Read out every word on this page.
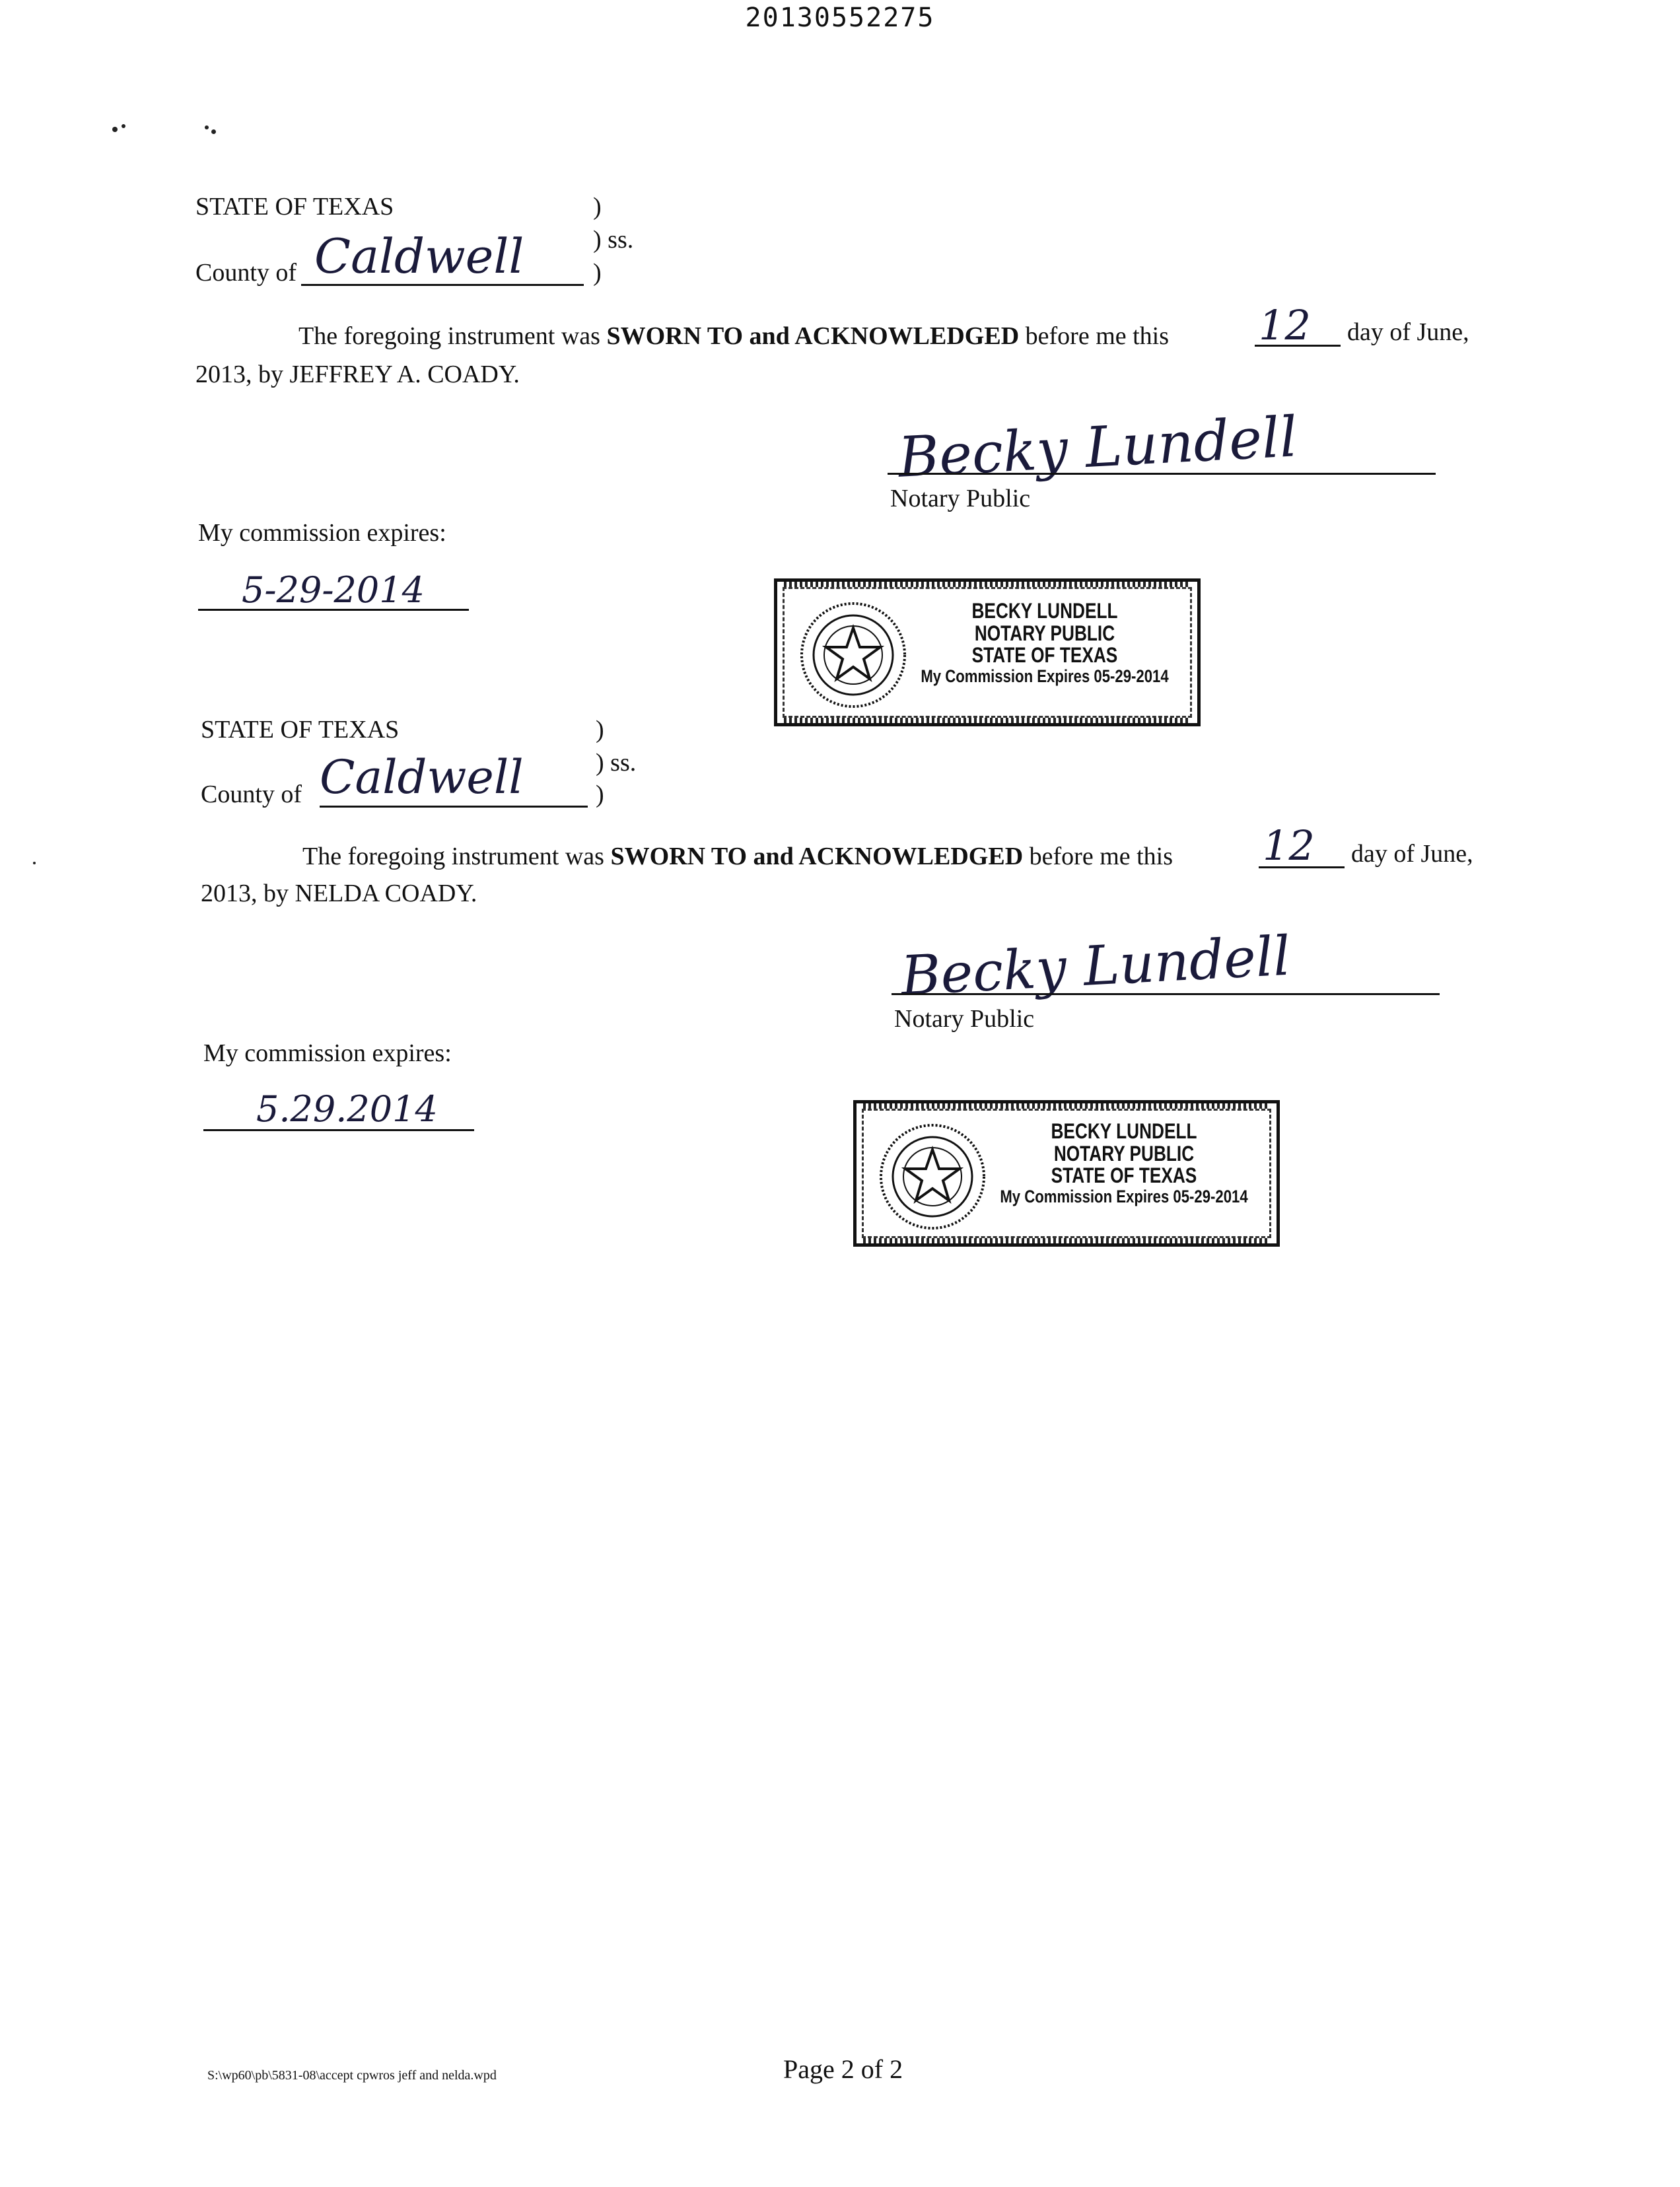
20130552275
STATE OF TEXAS	)
) ss.
County of Caldwell	)
The foregoing instrument was SWORN TO and ACKNOWLEDGED before me this 12 day of June,
2013, by JEFFREY A. COADY.
Becky Lundell
Notary Public
My commission expires:
5-29-2014	BECKY LUNDELL
NOTARY PUBLIC
STATE OF TEXAS
My Commission Expires 05-29-2014
STATE OF TEXAS	)
) ss.
County of Caldwell	)
The foregoing instrument was SWORN TO and ACKNOWLEDGED before me this 12 day of June,
2013, by NELDA COADY.
Becky Lundell
Notary Public
My commission expires:
5.29.2014
BECKY LUNDELL
NOTARY PUBLIC
STATE OF TEXAS
My Commission Expires 05-29-2014
S:\wp60\pb\5831-08\accept cpwros jeff and nelda.wpd	Page 2 of 2
